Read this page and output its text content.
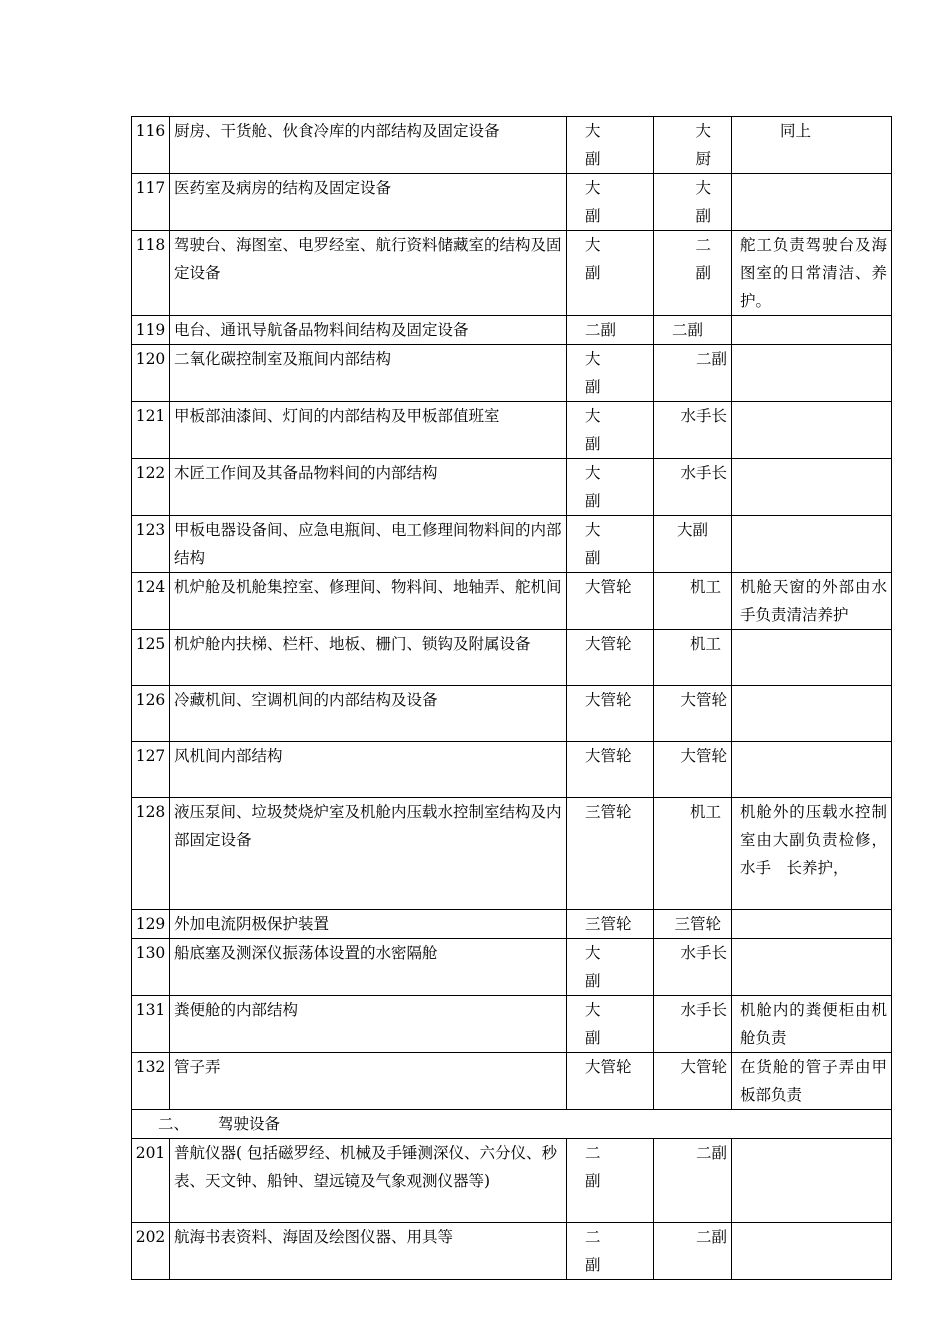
116	厨房、干货舱、伙食冷库的内部结构及固定设备	大副	大厨	同上
117	医药室及病房的结构及固定设备	大副	大副	
118	驾驶台、海图室、电罗经室、航行资料储藏室的结构及固定设备	大副	二副	舵工负责驾驶台及海图室的日常清洁、养护。
119	电台、通讯导航备品物料间结构及固定设备	二副	二副	
120	二氧化碳控制室及瓶间内部结构	大副	二副	
121	甲板部油漆间、灯间的内部结构及甲板部值班室	大副	水手长	
122	木匠工作间及其备品物料间的内部结构	大副	水手长	
123	甲板电器设备间、应急电瓶间、电工修理间物料间的内部结构	大副	大副	
124	机炉舱及机舱集控室、修理间、物料间、地轴弄、舵机间	大管轮	机工	机舱天窗的外部由水手负责清洁养护
125	机炉舱内扶梯、栏杆、地板、栅门、锁钩及附属设备	大管轮	机工	
126	冷藏机间、空调机间的内部结构及设备	大管轮	大管轮	
127	风机间内部结构	大管轮	大管轮	
128	液压泵间、垃圾焚烧炉室及机舱内压载水控制室结构及内部固定设备	三管轮	机工	机舱外的压载水控制室由大副负责检修，水手　长养护，
129	外加电流阴极保护装置	三管轮	三管轮	
130	船底塞及测深仪振荡体设置的水密隔舱	大副	水手长	
131	粪便舱的内部结构	大副	水手长	机舱内的粪便柜由机舱负责
132	管子弄	大管轮	大管轮	在货舱的管子弄由甲板部负责
二、 驾驶设备				
201	普航仪器( 包括磁罗经、机械及手锤测深仪、六分仪、秒表、天文钟、船钟、望远镜及气象观测仪器等)	二副	二副	
202	航海书表资料、海固及绘图仪器、用具等	二副	二副	
